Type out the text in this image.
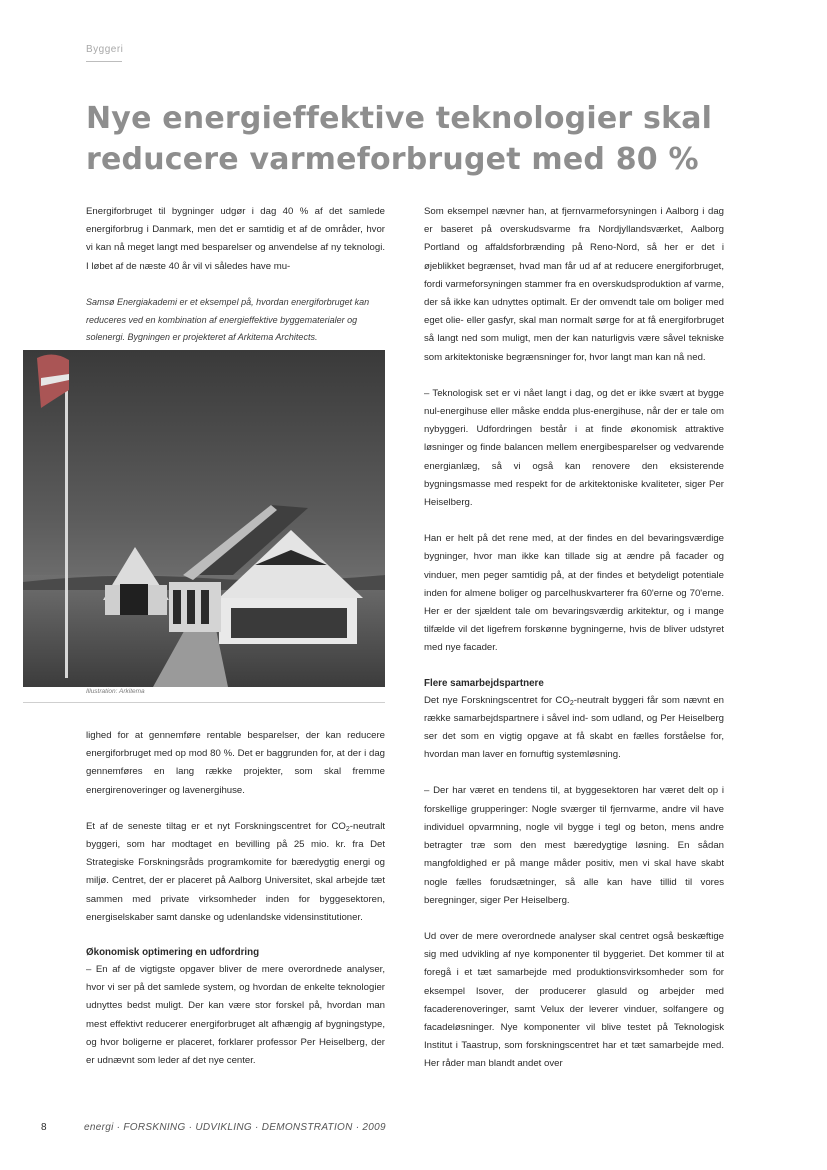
Byggeri
Nye energieffektive teknologier skal
reducere varmeforbruget med 80 %

Energiforbruget til bygninger udgør i dag 40 % af det samlede energiforbrug i Danmark, men det er samtidig et af de områder, hvor vi kan nå meget langt med besparelser og anvendelse af ny teknologi. I løbet af de næste 40 år vil vi således have mu-

Samsø Energiakademi er et eksempel på, hvordan energiforbruget kan reduceres ved en kombination af energieffektive byggematerialer og solenergi. Bygningen er projekteret af Arkitema Architects.
Illustration: Arkitema

lighed for at gennemføre rentable besparelser, der kan reducere energiforbruget med op mod 80 %. Det er baggrunden for, at der i dag gennemføres en lang række projekter, som skal fremme energirenoveringer og lavenergihuse.

Et af de seneste tiltag er et nyt Forskningscentret for $CO_2$-neutralt byggeri, som har modtaget en bevilling på 25 mio. kr. fra Det Strategiske Forskningsråds programkomite for bæredygtig energi og miljø. Centret, der er placeret på Aalborg Universitet, skal arbejde tæt sammen med private virksomheder inden for byggesektoren, energiselskaber samt danske og udenlandske vidensinstitutioner.

Økonomisk optimering en udfordring

– En af de vigtigste opgaver bliver de mere overordnede analyser, hvor vi ser på det samlede system, og hvordan de enkelte teknologier udnyttes bedst muligt. Der kan være stor forskel på, hvordan man mest effektivt reducerer energiforbruget alt afhængig af bygningstype, og hvor boligerne er placeret, forklarer professor Per Heiselberg, der er udnævnt som leder af det nye center.

Som eksempel nævner han, at fjernvarmeforsyningen i Aalborg i dag er baseret på overskudsvarme fra Nordjyllandsværket, Aalborg Portland og affaldsforbrænding på Reno-Nord, så her er det i øjeblikket begrænset, hvad man får ud af at reducere energiforbruget, fordi varmeforsyningen stammer fra en overskudsproduktion af varme, der så ikke kan udnyttes optimalt. Er der omvendt tale om boliger med eget olie- eller gasfyr, skal man normalt sørge for at få energiforbruget så langt ned som muligt, men der kan naturligvis være såvel tekniske som arkitektoniske begrænsninger for, hvor langt man kan nå ned.

– Teknologisk set er vi nået langt i dag, og det er ikke svært at bygge nul-energihuse eller måske endda plus-energihuse, når der er tale om nybyggeri. Udfordringen består i at finde økonomisk attraktive løsninger og finde balancen mellem energibesparelser og vedvarende energianlæg, så vi også kan renovere den eksisterende bygningsmasse med respekt for de arkitektoniske kvaliteter, siger Per Heiselberg.

Han er helt på det rene med, at der findes en del bevaringsværdige bygninger, hvor man ikke kan tillade sig at ændre på facader og vinduer, men peger samtidig på, at der findes et betydeligt potentiale inden for almene boliger og parcelhuskvarterer fra 60'erne og 70'erne. Her er der sjældent tale om bevaringsværdig arkitektur, og i mange tilfælde vil det ligefrem forskønne bygningerne, hvis de bliver udstyret med nye facader.

Flere samarbejdspartnere

Det nye Forskningscentret for $CO_2$-neutralt byggeri får som nævnt en række samarbejdspartnere i såvel ind- som udland, og Per Heiselberg ser det som en vigtig opgave at få skabt en fælles forståelse for, hvordan man laver en fornuftig systemløsning.

– Der har været en tendens til, at byggesektoren har været delt op i forskellige grupperinger: Nogle sværger til fjernvarme, andre vil have individuel opvarmning, nogle vil bygge i tegl og beton, mens andre betragter træ som den mest bæredygtige løsning. En sådan mangfoldighed er på mange måder positiv, men vi skal have skabt nogle fælles forudsætninger, så alle kan have tillid til vores beregninger, siger Per Heiselberg.

Ud over de mere overordnede analyser skal centret også beskæftige sig med udvikling af nye komponenter til byggeriet. Det kommer til at foregå i et tæt samarbejde med produktionsvirksomheder som for eksempel Isover, der producerer glasuld og arbejder med facaderenoveringer, samt Velux der leverer vinduer, solfangere og facadeløsninger. Nye komponenter vil blive testet på Teknologisk Institut i Taastrup, som forskningscentret har et tæt samarbejde med. Her råder man blandt andet over

8	energi · FORSKNING · UDVIKLING · DEMONSTRATION · 2009
